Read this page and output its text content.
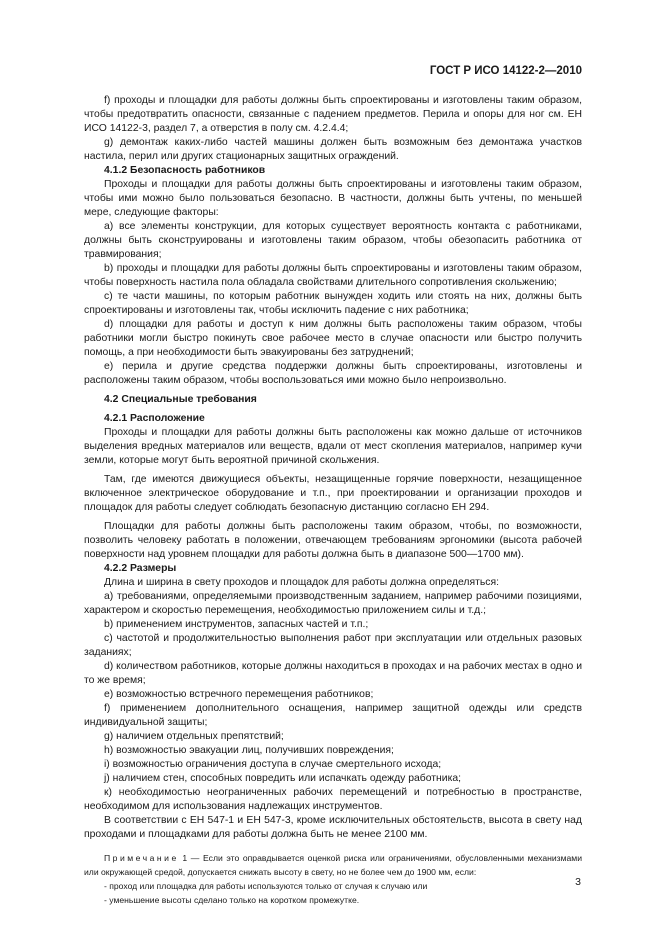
ГОСТ Р ИСО 14122-2—2010

f) проходы и площадки для работы должны быть спроектированы и изготовлены таким образом, чтобы предотвратить опасности, связанные с падением предметов. Перила и опоры для ног см. ЕН ИСО 14122-3, раздел 7, а отверстия в полу см. 4.2.4.4;

g) демонтаж каких-либо частей машины должен быть возможным без демонтажа участков настила, перил или других стационарных защитных ограждений.

4.1.2 Безопасность работников

Проходы и площадки для работы должны быть спроектированы и изготовлены таким образом, чтобы ими можно было пользоваться безопасно. В частности, должны быть учтены, по меньшей мере, следующие факторы:

a) все элементы конструкции, для которых существует вероятность контакта с работниками, должны быть сконструированы и изготовлены таким образом, чтобы обезопасить работника от травмирования;

b) проходы и площадки для работы должны быть спроектированы и изготовлены таким образом, чтобы поверхность настила пола обладала свойствами длительного сопротивления скольжению;

c) те части машины, по которым работник вынужден ходить или стоять на них, должны быть спроектированы и изготовлены так, чтобы исключить падение с них работника;

d) площадки для работы и доступ к ним должны быть расположены таким образом, чтобы работники могли быстро покинуть свое рабочее место в случае опасности или быстро получить помощь, а при необходимости быть эвакуированы без затруднений;

e) перила и другие средства поддержки должны быть спроектированы, изготовлены и расположены таким образом, чтобы воспользоваться ими можно было непроизвольно.

4.2 Специальные требования

4.2.1 Расположение

Проходы и площадки для работы должны быть расположены как можно дальше от источников выделения вредных материалов или веществ, вдали от мест скопления материалов, например кучи земли, которые могут быть вероятной причиной скольжения.

Там, где имеются движущиеся объекты, незащищенные горячие поверхности, незащищенное включенное электрическое оборудование и т.п., при проектировании и организации проходов и площадок для работы следует соблюдать безопасную дистанцию согласно ЕН 294.

Площадки для работы должны быть расположены таким образом, чтобы, по возможности, позволить человеку работать в положении, отвечающем требованиям эргономики (высота рабочей поверхности над уровнем площадки для работы должна быть в диапазоне 500—1700 мм).

4.2.2 Размеры

Длина и ширина в свету проходов и площадок для работы должна определяться:

a) требованиями, определяемыми производственным заданием, например рабочими позициями, характером и скоростью перемещения, необходимостью приложением силы и т.д.;

b) применением инструментов, запасных частей и т.п.;

c) частотой и продолжительностью выполнения работ при эксплуатации или отдельных разовых заданиях;

d) количеством работников, которые должны находиться в проходах и на рабочих местах в одно и то же время;

e) возможностью встречного перемещения работников;

f) применением дополнительного оснащения, например защитной одежды или средств индивидуальной защиты;

g) наличием отдельных препятствий;

h) возможностью эвакуации лиц, получивших повреждения;

i) возможностью ограничения доступа в случае смертельного исхода;

j) наличием стен, способных повредить или испачкать одежду работника;

к) необходимостью неограниченных рабочих перемещений и потребностью в пространстве, необходимом для использования надлежащих инструментов.

В соответствии с ЕН 547-1 и ЕН 547-3, кроме исключительных обстоятельств, высота в свету над проходами и площадками для работы должна быть не менее 2100 мм.

Примечание 1 — Если это оправдывается оценкой риска или ограничениями, обусловленными механизмами или окружающей средой, допускается снижать высоту в свету, но не более чем до 1900 мм, если:

- проход или площадка для работы используются только от случая к случаю или

- уменьшение высоты сделано только на коротком промежутке.

3
